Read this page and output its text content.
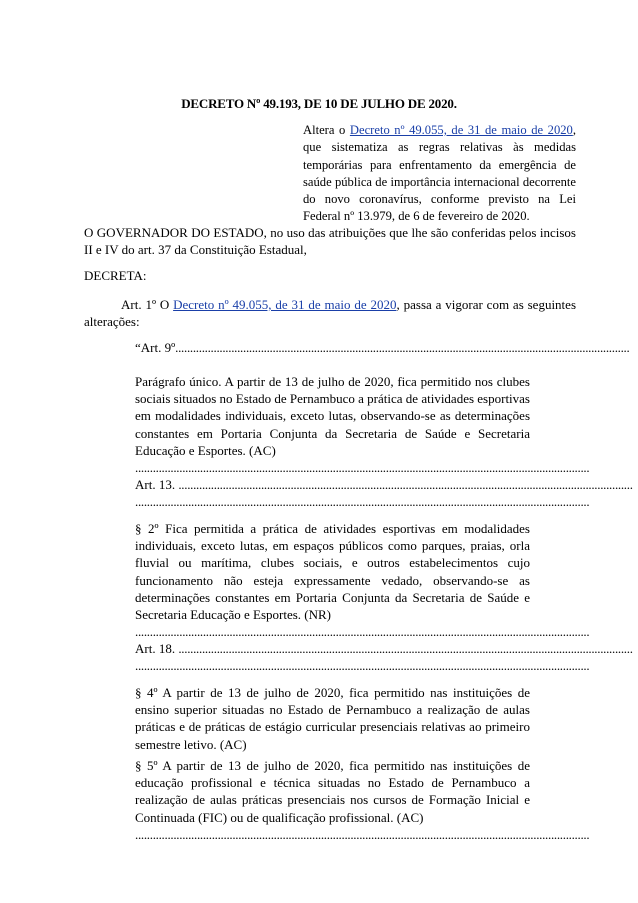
DECRETO Nº 49.193, DE 10 DE JULHO DE 2020.
Altera o Decreto nº 49.055, de 31 de maio de 2020, que sistematiza as regras relativas às medidas temporárias para enfrentamento da emergência de saúde pública de importância internacional decorrente do novo coronavírus, conforme previsto na Lei Federal nº 13.979, de 6 de fevereiro de 2020.
O GOVERNADOR DO ESTADO, no uso das atribuições que lhe são conferidas pelos incisos II e IV do art. 37 da Constituição Estadual,
DECRETA:
Art. 1º O Decreto nº 49.055, de 31 de maio de 2020, passa a vigorar com as seguintes alterações:
“Art. 9º ..........................................................................................................................................................
Parágrafo único. A partir de 13 de julho de 2020, fica permitido nos clubes sociais situados no Estado de Pernambuco a prática de atividades esportivas em modalidades individuais, exceto lutas, observando-se as determinações constantes em Portaria Conjunta da Secretaria de Saúde e Secretaria Educação e Esportes. (AC)
..........................................................................................................................................................
Art. 13. ..........................................................................................................................................................
..........................................................................................................................................................
§ 2º Fica permitida a prática de atividades esportivas em modalidades individuais, exceto lutas, em espaços públicos como parques, praias, orla fluvial ou marítima, clubes sociais, e outros estabelecimentos cujo funcionamento não esteja expressamente vedado, observando-se as determinações constantes em Portaria Conjunta da Secretaria de Saúde e Secretaria Educação e Esportes. (NR)
..........................................................................................................................................................
Art. 18. ..........................................................................................................................................................
..........................................................................................................................................................
§ 4º A partir de 13 de julho de 2020, fica permitido nas instituições de ensino superior situadas no Estado de Pernambuco a realização de aulas práticas e de práticas de estágio curricular presenciais relativas ao primeiro semestre letivo. (AC)
§ 5º A partir de 13 de julho de 2020, fica permitido nas instituições de educação profissional e técnica situadas no Estado de Pernambuco a realização de aulas práticas presenciais nos cursos de Formação Inicial e Continuada (FIC) ou de qualificação profissional. (AC)
..........................................................................................................................................................
